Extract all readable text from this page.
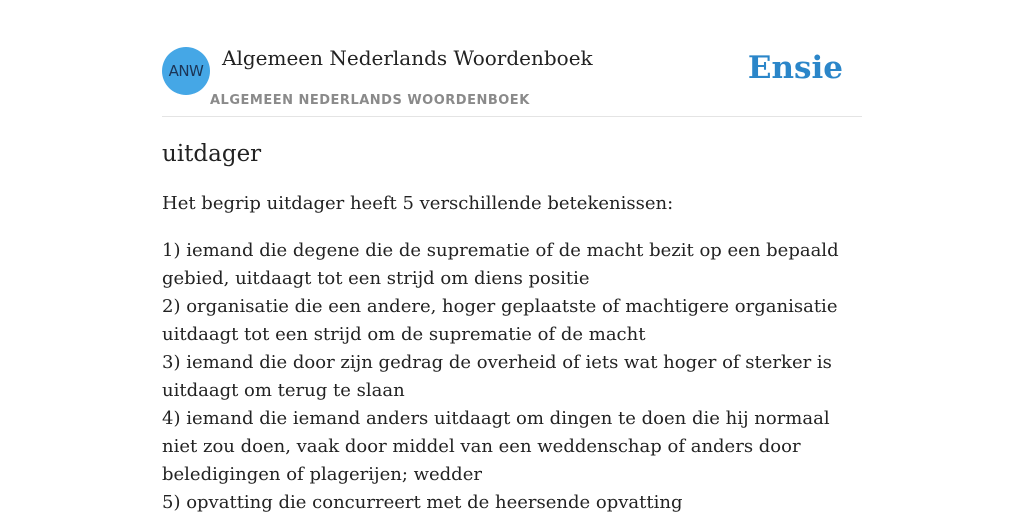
ANW
Algemeen Nederlands Woordenboek
ALGEMEEN NEDERLANDS WOORDENBOEK
Ensie
uitdager

Het begrip uitdager heeft 5 verschillende betekenissen:

1) iemand die degene die de suprematie of de macht bezit op een bepaald gebied, uitdaagt tot een strijd om diens positie
2) organisatie die een andere, hoger geplaatste of machtigere organisatie uitdaagt tot een strijd om de suprematie of de macht
3) iemand die door zijn gedrag de overheid of iets wat hoger of sterker is uitdaagt om terug te slaan
4) iemand die iemand anders uitdaagt om dingen te doen die hij normaal niet zou doen, vaak door middel van een weddenschap of anders door beledigingen of plagerijen; wedder
5) opvatting die concurreert met de heersende opvatting
